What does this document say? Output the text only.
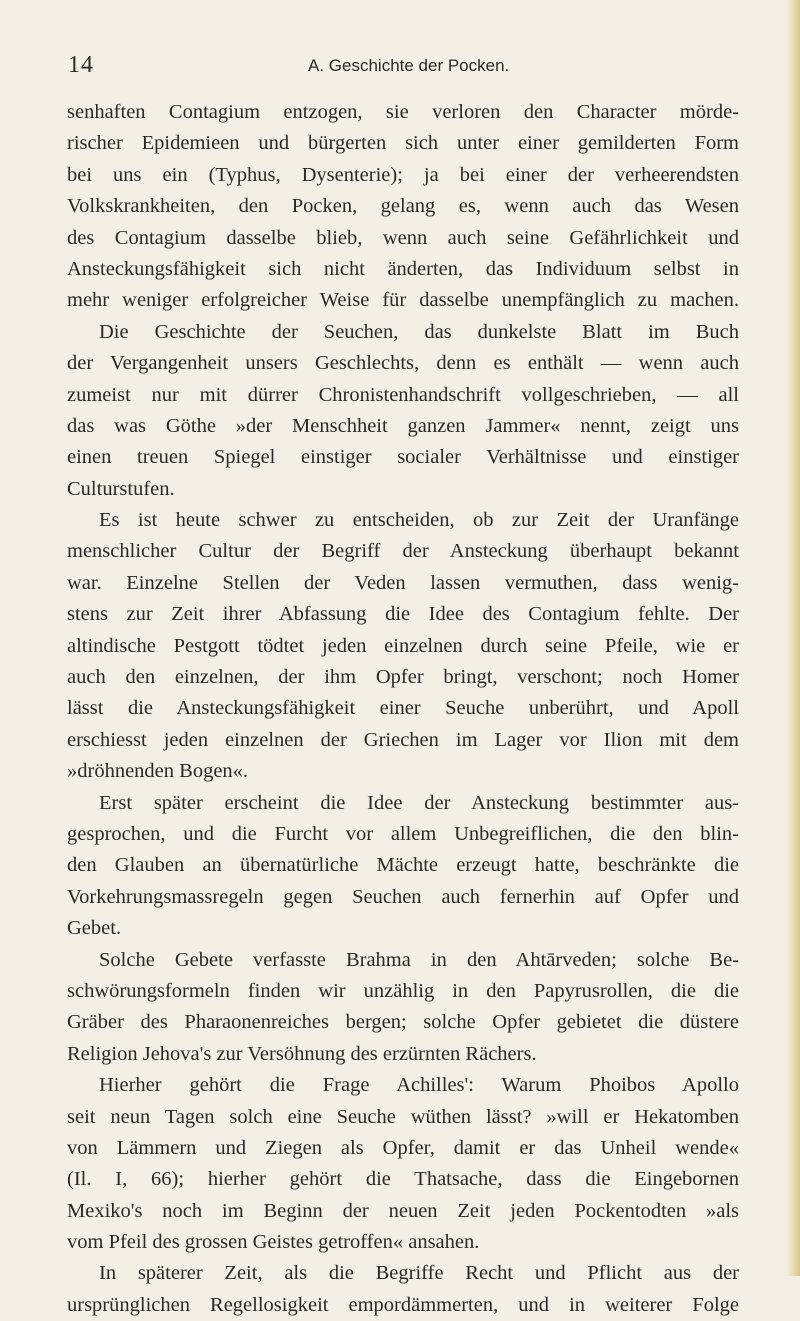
14	A. Geschichte der Pocken.
senhaften Contagium entzogen, sie verloren den Character mörde-
rischer Epidemieen und bürgerten sich unter einer gemilderten Form
bei uns ein (Typhus, Dysenterie); ja bei einer der verheerendsten
Volkskrankheiten, den Pocken, gelang es, wenn auch das Wesen
des Contagium dasselbe blieb, wenn auch seine Gefährlichkeit und
Ansteckungsfähigkeit sich nicht änderten, das Individuum selbst in
mehr weniger erfolgreicher Weise für dasselbe unempfänglich zu machen.
Die Geschichte der Seuchen, das dunkelste Blatt im Buch
der Vergangenheit unsers Geschlechts, denn es enthält — wenn auch
zumeist nur mit dürrer Chronistenhandschrift vollgeschrieben, — all
das was Göthe »der Menschheit ganzen Jammer« nennt, zeigt uns
einen treuen Spiegel einstiger socialer Verhältnisse und einstiger
Culturstufen.
Es ist heute schwer zu entscheiden, ob zur Zeit der Uranfänge
menschlicher Cultur der Begriff der Ansteckung überhaupt bekannt
war. Einzelne Stellen der Veden lassen vermuthen, dass wenig-
stens zur Zeit ihrer Abfassung die Idee des Contagium fehlte. Der
altindische Pestgott tödtet jeden einzelnen durch seine Pfeile, wie er
auch den einzelnen, der ihm Opfer bringt, verschont; noch Homer
lässt die Ansteckungsfähigkeit einer Seuche unberührt, und Apoll
erschiesst jeden einzelnen der Griechen im Lager vor Ilion mit dem
»dröhnenden Bogen«.
Erst später erscheint die Idee der Ansteckung bestimmter aus-
gesprochen, und die Furcht vor allem Unbegreiflichen, die den blin-
den Glauben an übernatürliche Mächte erzeugt hatte, beschränkte die
Vorkehrungsmassregeln gegen Seuchen auch fernerhin auf Opfer und
Gebet.
Solche Gebete verfasste Brahma in den Ahtārveden; solche Be-
schwörungsformeln finden wir unzählig in den Papyrusrollen, die die
Gräber des Pharaonenreiches bergen; solche Opfer gebietet die düstere
Religion Jehova's zur Versöhnung des erzürnten Rächers.
Hierher gehört die Frage Achilles': Warum Phoibos Apollo
seit neun Tagen solch eine Seuche wüthen lässt? »will er Hekatomben
von Lämmern und Ziegen als Opfer, damit er das Unheil wende«
(Il. I, 66); hierher gehört die Thatsache, dass die Eingebornen
Mexiko's noch im Beginn der neuen Zeit jeden Pockentodten »als
vom Pfeil des grossen Geistes getroffen« ansahen.
In späterer Zeit, als die Begriffe Recht und Pflicht aus der
ursprünglichen Regellosigkeit empordämmerten, und in weiterer Folge
